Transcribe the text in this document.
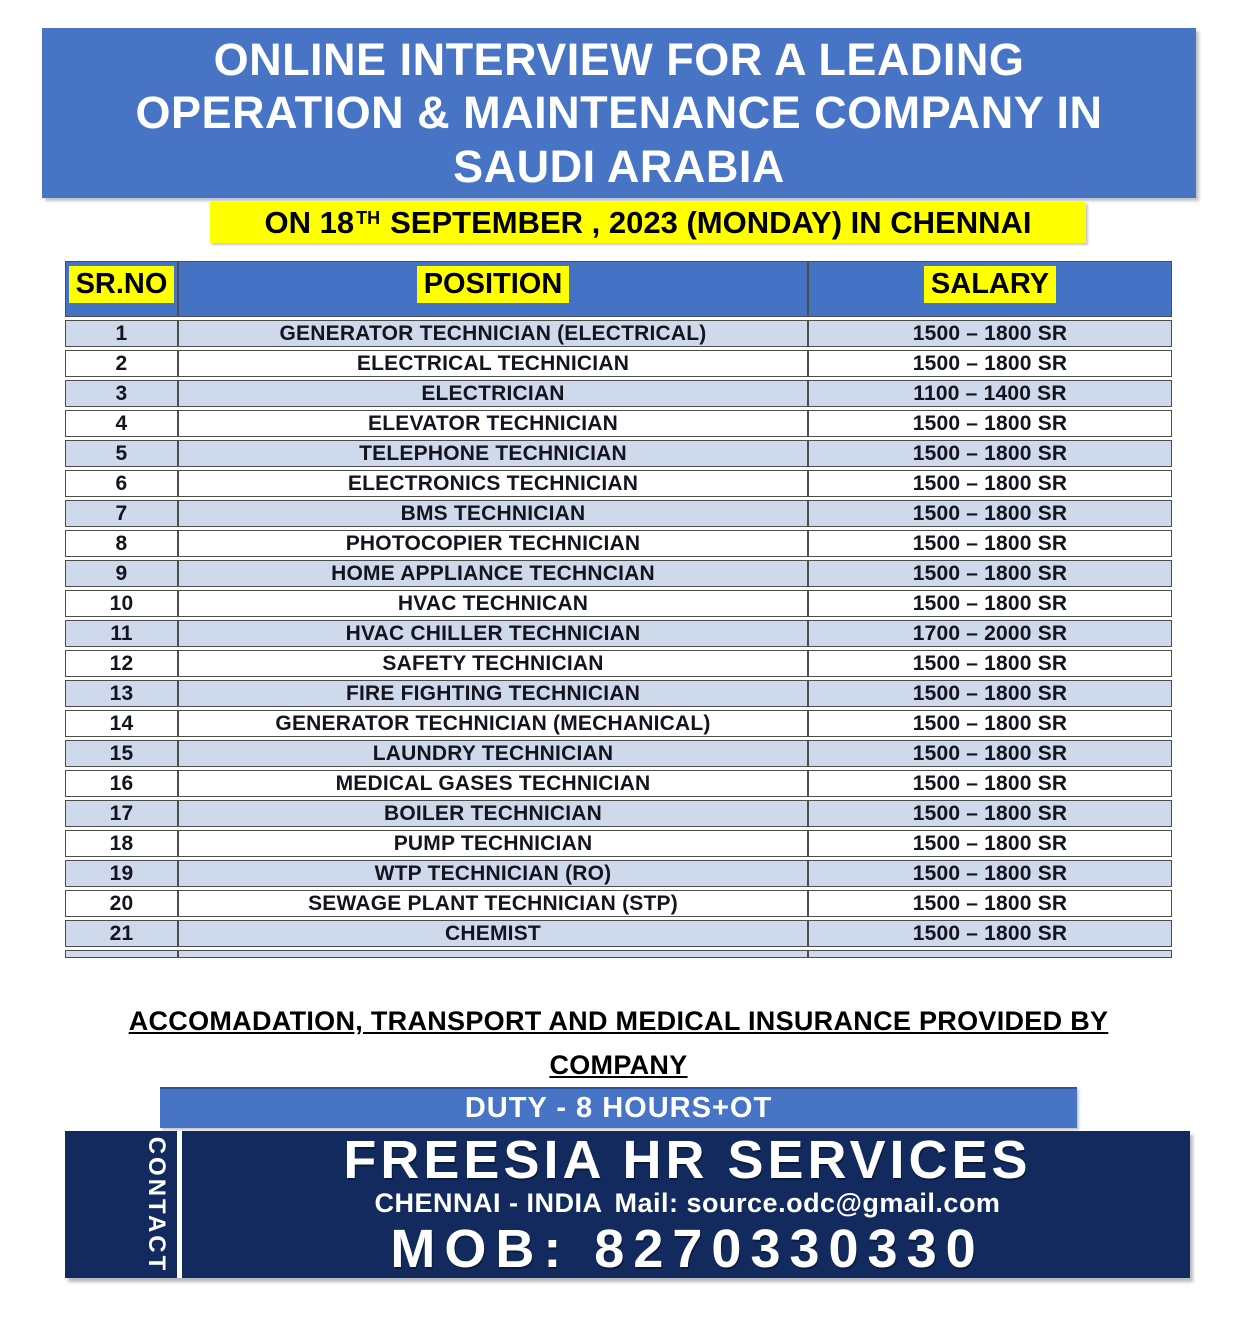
ONLINE INTERVIEW FOR A LEADING
OPERATION & MAINTENANCE COMPANY IN
SAUDI ARABIA
ON 18 TH SEPTEMBER , 2023 (MONDAY) IN CHENNAI
SR.NO	POSITION	SALARY
1	GENERATOR TECHNICIAN (ELECTRICAL)	1500 – 1800 SR
2	ELECTRICAL TECHNICIAN	1500 – 1800 SR
3	ELECTRICIAN	1100 – 1400 SR
4	ELEVATOR TECHNICIAN	1500 – 1800 SR
5	TELEPHONE TECHNICIAN	1500 – 1800 SR
6	ELECTRONICS TECHNICIAN	1500 – 1800 SR
7	BMS TECHNICIAN	1500 – 1800 SR
8	PHOTOCOPIER TECHNICIAN	1500 – 1800 SR
9	HOME APPLIANCE TECHNCIAN	1500 – 1800 SR
10	HVAC TECHNICAN	1500 – 1800 SR
11	HVAC CHILLER TECHNICIAN	1700 – 2000 SR
12	SAFETY TECHNICIAN	1500 – 1800 SR
13	FIRE FIGHTING TECHNICIAN	1500 – 1800 SR
14	GENERATOR TECHNICIAN (MECHANICAL)	1500 – 1800 SR
15	LAUNDRY TECHNICIAN	1500 – 1800 SR
16	MEDICAL GASES TECHNICIAN	1500 – 1800 SR
17	BOILER TECHNICIAN	1500 – 1800 SR
18	PUMP TECHNICIAN	1500 – 1800 SR
19	WTP TECHNICIAN (RO)	1500 – 1800 SR
20	SEWAGE PLANT TECHNICIAN (STP)	1500 – 1800 SR
21	CHEMIST	1500 – 1800 SR

ACCOMADATION, TRANSPORT AND MEDICAL INSURANCE PROVIDED BY
COMPANY
DUTY - 8 HOURS+OT
CONTACT	FREESIA HR SERVICES
CHENNAI - INDIA Mail: source.odc@gmail.com
MOB: 8270330330
